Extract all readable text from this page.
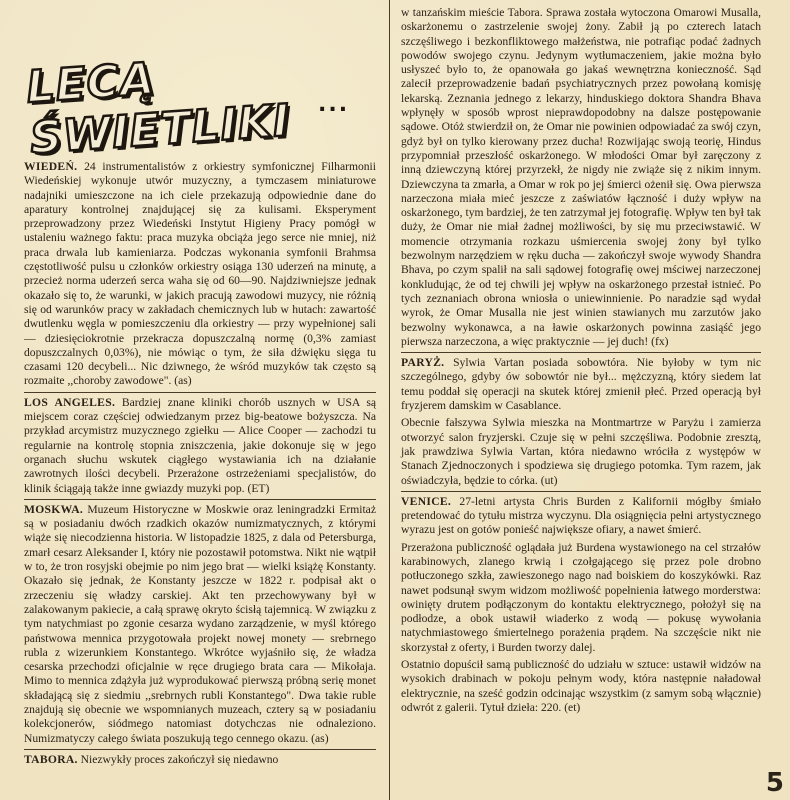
LECĄ ŚWIETLIKI	...

WIEDEŃ. 24 instrumentalistów z orkiestry symfonicznej Filharmonii Wiedeńskiej wykonuje utwór muzyczny, a tymczasem miniaturowe nadajniki umieszczone na ich ciele przekazują odpowiednie dane do aparatury kontrolnej znajdującej się za kulisami. Eksperyment przeprowadzony przez Wiedeński Instytut Higieny Pracy pomógł w ustaleniu ważnego faktu: praca muzyka obciąża jego serce nie mniej, niż praca drwala lub kamieniarza. Podczas wykonania symfonii Brahmsa częstotliwość pulsu u członków orkiestry osiąga 130 uderzeń na minutę, a przecież norma uderzeń serca waha się od 60—90. Najdziwniejsze jednak okazało się to, że warunki, w jakich pracują zawodowi muzycy, nie różnią się od warunków pracy w zakładach chemicznych lub w hutach: zawartość dwutlenku węgla w pomieszczeniu dla orkiestry — przy wypełnionej sali — dziesięciokrotnie przekracza dopuszczalną normę (0,3% zamiast dopuszczalnych 0,03%), nie mówiąc o tym, że siła dźwięku sięga tu czasami 120 decybeli... Nic dziwnego, że wśród muzyków tak często są rozmaite ,,choroby zawodowe". (as)

LOS ANGELES. Bardziej znane kliniki chorób usznych w USA są miejscem coraz częściej odwiedzanym przez big-beatowe bożyszcza. Na przykład arcymistrz muzycznego zgiełku — Alice Cooper — zachodzi tu regularnie na kontrolę stopnia zniszczenia, jakie dokonuje się w jego organach słuchu wskutek ciągłego wystawiania ich na działanie zawrotnych ilości decybeli. Przerażone ostrzeżeniami specjalistów, do klinik ściągają także inne gwiazdy muzyki pop. (ET)

MOSKWA. Muzeum Historyczne w Moskwie oraz leningradzki Ermitaż są w posiadaniu dwóch rzadkich okazów numizmatycznych, z którymi wiąże się niecodzienna historia. W listopadzie 1825, z dala od Petersburga, zmarł cesarz Aleksander I, który nie pozostawił potomstwa. Nikt nie wątpił w to, że tron rosyjski obejmie po nim jego brat — wielki książę Konstanty. Okazało się jednak, że Konstanty jeszcze w 1822 r. podpisał akt o zrzeczeniu się władzy carskiej. Akt ten przechowywany był w zalakowanym pakiecie, a całą sprawę okryto ścisłą tajemnicą. W związku z tym natychmiast po zgonie cesarza wydano zarządzenie, w myśl którego państwowa mennica przygotowała projekt nowej monety — srebrnego rubla z wizerunkiem Konstantego. Wkrótce wyjaśniło się, że władza cesarska przechodzi oficjalnie w ręce drugiego brata cara — Mikołaja. Mimo to mennica zdążyła już wyprodukować pierwszą próbną serię monet składającą się z siedmiu ,,srebrnych rubli Konstantego". Dwa takie ruble znajdują się obecnie we wspomnianych muzeach, cztery są w posiadaniu kolekcjonerów, siódmego natomiast dotychczas nie odnaleziono. Numizmatyczy całego świata poszukują tego cennego okazu. (as)

TABORA. Niezwykły proces zakończył się niedawno

w tanzańskim mieście Tabora. Sprawa została wytoczona Omarowi Musalla, oskarżonemu o zastrzelenie swojej żony. Zabił ją po czterech latach szczęśliwego i bezkonfliktowego małżeństwa, nie potrafiąc podać żadnych powodów swojego czynu. Jedynym wytłumaczeniem, jakie można było usłyszeć było to, że opanowała go jakaś wewnętrzna konieczność. Sąd zalecił przeprowadzenie badań psychiatrycznych przez powołaną komisję lekarską. Zeznania jednego z lekarzy, hinduskiego doktora Shandra Bhava wpłynęły w sposób wprost nieprawdopodobny na dalsze postępowanie sądowe. Otóż stwierdził on, że Omar nie powinien odpowiadać za swój czyn, gdyż był on tylko kierowany przez ducha! Rozwijając swoją teorię, Hindus przypomniał przeszłość oskarżonego. W młodości Omar był zaręczony z inną dziewczyną której przyrzekł, że nigdy nie zwiąże się z nikim innym. Dziewczyna ta zmarła, a Omar w rok po jej śmierci ożenił się. Owa pierwsza narzeczona miała mieć jeszcze z zaświatów łączność i duży wpływ na oskarżonego, tym bardziej, że ten zatrzymał jej fotografię. Wpływ ten był tak duży, że Omar nie miał żadnej możliwości, by się mu przeciwstawić. W momencie otrzymania rozkazu uśmiercenia swojej żony był tylko bezwolnym narzędziem w ręku ducha — zakończył swoje wywody Shandra Bhava, po czym spalił na sali sądowej fotografię owej mściwej narzeczonej konkludując, że od tej chwili jej wpływ na oskarżonego przestał istnieć. Po tych zeznaniach obrona wniosła o uniewinnienie. Po naradzie sąd wydał wyrok, że Omar Musalla nie jest winien stawianych mu zarzutów jako bezwolny wykonawca, a na ławie oskarżonych powinna zasiąść jego pierwsza narzeczona, a więc praktycznie — jej duch! (fx)

PARYŻ. Sylwia Vartan posiada sobowtóra. Nie byłoby w tym nic szczególnego, gdyby ów sobowtór nie był... mężczyzną, który siedem lat temu poddał się operacji na skutek której zmienił płeć. Przed operacją był fryzjerem damskim w Casablance.

Obecnie fałszywa Sylwia mieszka na Montmartrze w Paryżu i zamierza otworzyć salon fryzjerski. Czuje się w pełni szczęśliwa. Podobnie zresztą, jak prawdziwa Sylwia Vartan, która niedawno wróciła z występów w Stanach Zjednoczonych i spodziewa się drugiego potomka. Tym razem, jak oświadczyła, będzie to córka. (ut)

VENICE. 27-letni artysta Chris Burden z Kalifornii mógłby śmiało pretendować do tytułu mistrza wyczynu. Dla osiągnięcia pełni artystycznego wyrazu jest on gotów ponieść największe ofiary, a nawet śmierć.

Przerażona publiczność oglądała już Burdena wystawionego na cel strzałów karabinowych, zlanego krwią i czołgającego się przez pole drobno potłuczonego szkła, zawieszonego nago nad boiskiem do koszykówki. Raz nawet podsunął swym widzom możliwość popełnienia łatwego morderstwa: owinięty drutem podłączonym do kontaktu elektrycznego, położył się na podłodze, a obok ustawił wiaderko z wodą — pokusę wywołania natychmiastowego śmiertelnego porażenia prądem. Na szczęście nikt nie skorzystał z oferty, i Burden tworzy dalej.

Ostatnio dopuścił samą publiczność do udziału w sztuce: ustawił widzów na wysokich drabinach w pokoju pełnym wody, która następnie naładował elektrycznie, na sześć godzin odcinając wszystkim (z samym sobą włącznie) odwrót z galerii. Tytuł dzieła: 220. (et)

5
